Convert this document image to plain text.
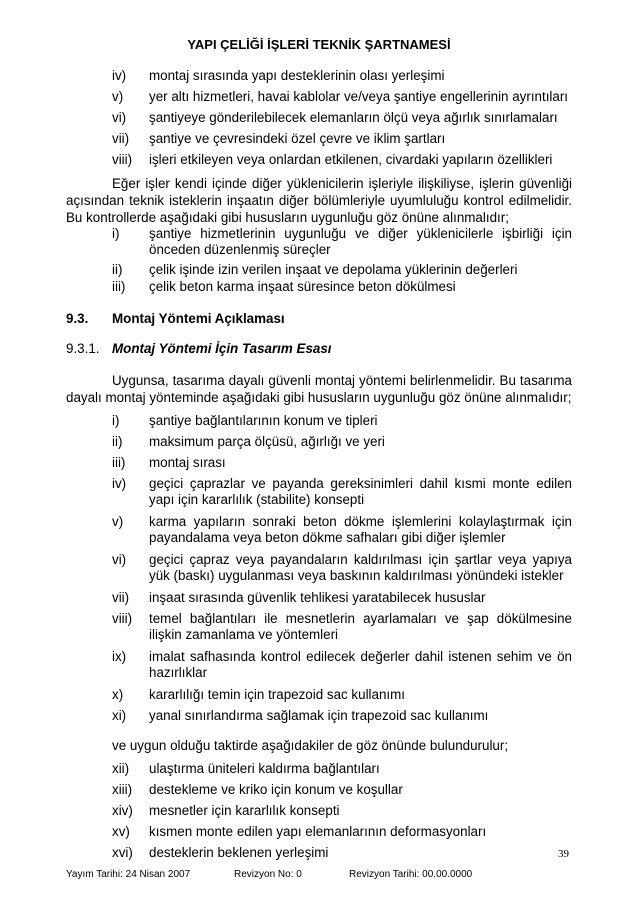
YAPI ÇELİĞİ İŞLERİ TEKNİK ŞARTNAMESİ
iv) montaj sırasında yapı desteklerinin olası yerleşimi
v) yer altı hizmetleri, havai kablolar ve/veya şantiye engellerinin ayrıntıları
vi) şantiyeye gönderilebilecek elemanların ölçü veya ağırlık sınırlamaları
vii) şantiye ve çevresindeki özel çevre ve iklim şartları
viii) işleri etkileyen veya onlardan etkilenen, civardaki yapıların özellikleri
Eğer işler kendi içinde diğer yüklenicilerin işleriyle ilişkiliyse, işlerin güvenliği
açısından teknik isteklerin inşaatın diğer bölümleriyle uyumluluğu kontrol edilmelidir.
Bu kontrollerde aşağıdaki gibi hususların uygunluğu göz önüne alınmalıdır;
i) şantiye hizmetlerinin uygunluğu ve diğer yüklenicilerle işbirliği için önceden düzenlenmiş süreçler
ii) çelik işinde izin verilen inşaat ve depolama yüklerinin değerleri
iii) çelik beton karma inşaat süresince beton dökülmesi
9.3. Montaj Yöntemi Açıklaması
9.3.1. Montaj Yöntemi İçin Tasarım Esası
Uygunsa, tasarıma dayalı güvenli montaj yöntemi belirlenmelidir. Bu tasarıma
dayalı montaj yönteminde aşağıdaki gibi hususların uygunluğu göz önüne alınmalıdır;
i) şantiye bağlantılarının konum ve tipleri
ii) maksimum parça ölçüsü, ağırlığı ve yeri
iii) montaj sırası
iv) geçici çaprazlar ve payanda gereksinimleri dahil kısmi monte edilen yapı için kararlılık (stabilite) konsepti
v) karma yapıların sonraki beton dökme işlemlerini kolaylaştırmak için payandalama veya beton dökme safhaları gibi diğer işlemler
vi) geçici çapraz veya payandaların kaldırılması için şartlar veya yapıya yük (baskı) uygulanması veya baskının kaldırılması yönündeki istekler
vii) inşaat sırasında güvenlik tehlikesi yaratabilecek hususlar
viii) temel bağlantıları ile mesnetlerin ayarlamaları ve şap dökülmesine ilişkin zamanlama ve yöntemleri
ix) imalat safhasında kontrol edilecek değerler dahil istenen sehim ve ön hazırlıklar
x) kararlılığı temin için trapezoid sac kullanımı
xi) yanal sınırlandırma sağlamak için trapezoid sac kullanımı
ve uygun olduğu taktirde aşağıdakiler de göz önünde bulundurulur;
xii) ulaştırma üniteleri kaldırma bağlantıları
xiii) destekleme ve kriko için konum ve koşullar
xiv) mesnetler için kararlılık konsepti
xv) kısmen monte edilen yapı elemanlarının deformasyonları
xvi) desteklerin beklenen yerleşimi	39
Yayım Tarihi: 24 Nisan 2007	Revizyon No: 0	Revizyon Tarihi: 00.00.0000
